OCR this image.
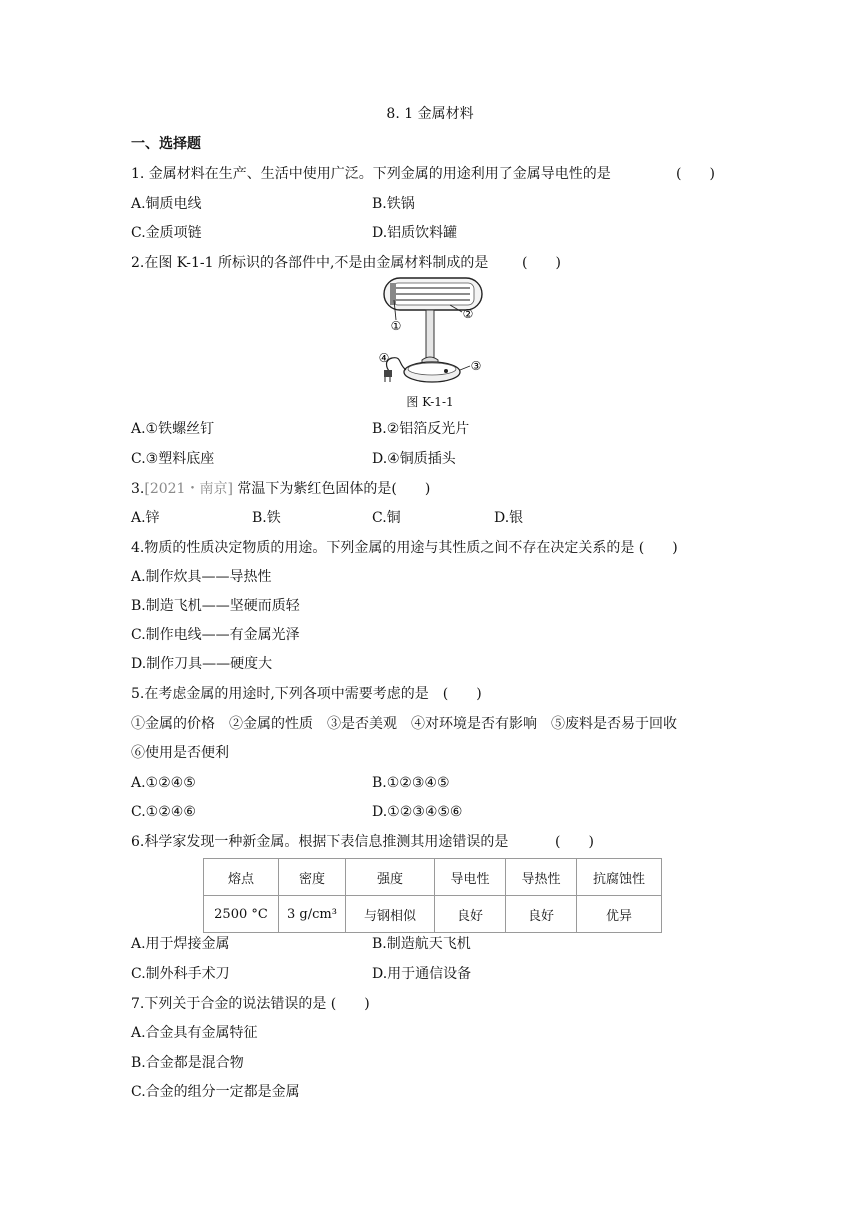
8. 1 金属材料
一、选择题
1. 金属材料在生产、生活中使用广泛。下列金属的用途利用了金属导电性的是	(　　)
A.铜质电线	B.铁锅
C.金质项链	D.铝质饮料罐
2.在图 K-1-1 所标识的各部件中,不是由金属材料制成的是 (　　)
①
②
③
④
图 K-1-1
A.①铁螺丝钉	B.②铝箔反光片
C.③塑料底座	D.④铜质插头
3.[2021・南京] 常温下为紫红色固体的是(　　)
A.锌	B.铁	C.铜	D.银
4.物质的性质决定物质的用途。下列金属的用途与其性质之间不存在决定关系的是 (　　)
A.制作炊具——导热性
B.制造飞机——坚硬而质轻
C.制作电线——有金属光泽
D.制作刀具——硬度大
5.在考虑金属的用途时,下列各项中需要考虑的是　(　　)
①金属的价格　②金属的性质　③是否美观　④对环境是否有影响　⑤废料是否易于回收
⑥使用是否便利
A.①②④⑤	B.①②③④⑤
C.①②④⑥	D.①②③④⑤⑥
6.科学家发现一种新金属。根据下表信息推测其用途错误的是	(　　)
熔点	密度	强度	导电性	导热性	抗腐蚀性
2500 °C	3 g/cm³	与钢相似	良好	良好	优异
A.用于焊接金属	B.制造航天飞机
C.制外科手术刀	D.用于通信设备
7.下列关于合金的说法错误的是 (　　)
A.合金具有金属特征
B.合金都是混合物
C.合金的组分一定都是金属
